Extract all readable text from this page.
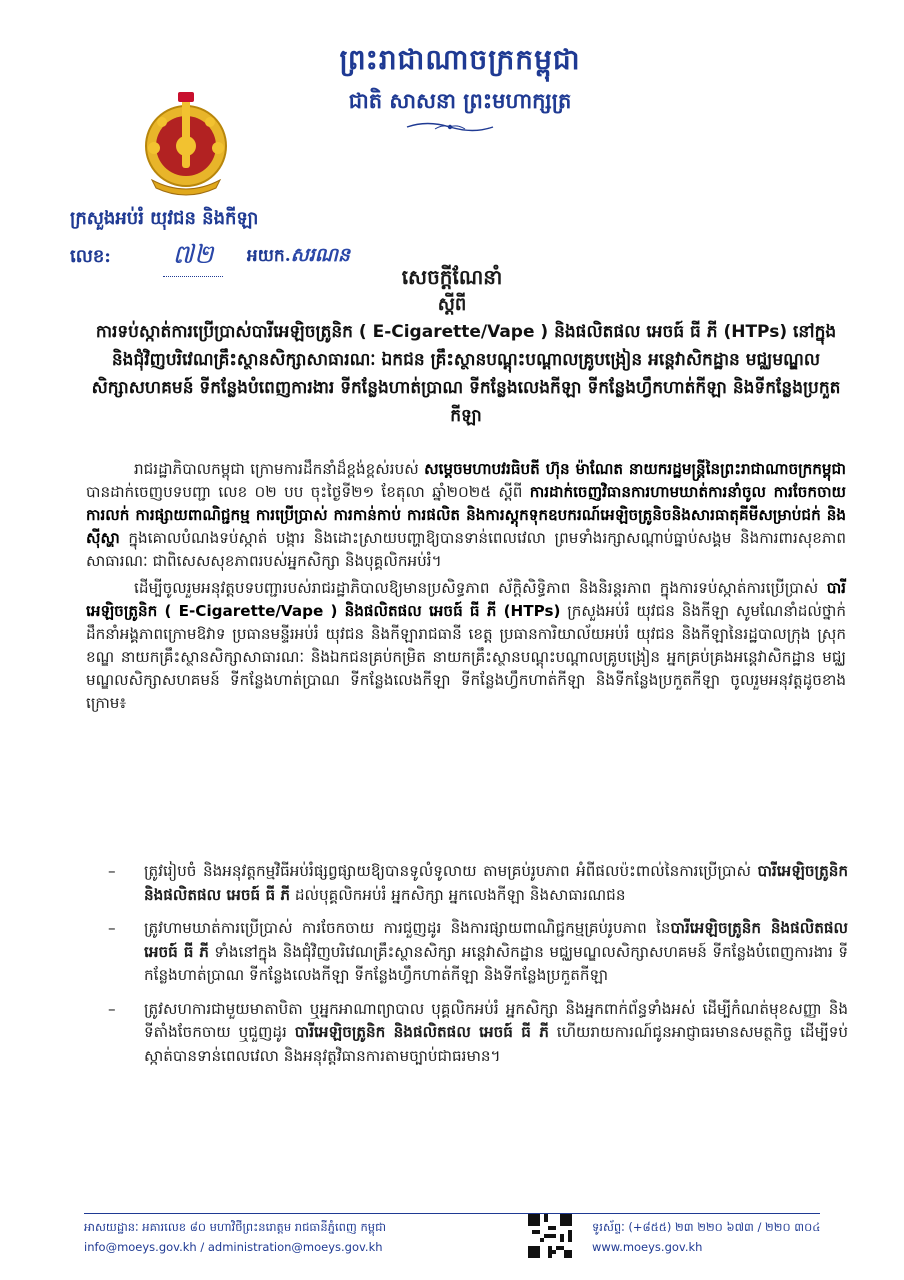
ព្រះរាជាណាចក្រកម្ពុជា
ជាតិ សាសនា ព្រះមហាក្សត្រ
ក្រសួងអប់រំ យុវជន និងកីឡា
លេខ:	៧២	អយក.សរណន
សេចក្តីណែនាំ
ស្តីពី
ការទប់ស្កាត់ការប្រើប្រាស់បារីអេឡិចត្រូនិក ( E-Cigarette/Vape ) និងផលិតផល អេចធ៍ ធី ភី (HTPs) នៅក្នុង និងជុំវិញបរិវេណគ្រឹះស្ថានសិក្សាសាធារណៈ ឯកជន គ្រឹះស្ថានបណ្តុះបណ្តាលគ្រូបង្រៀន អន្តេវាសិកដ្ឋាន មជ្ឈមណ្ឌលសិក្សាសហគមន៍ ទីកន្លែងបំពេញការងារ ទីកន្លែងហាត់ប្រាណ ទីកន្លែងលេងកីឡា ទីកន្លែងហ្វឹកហាត់កីឡា និងទីកន្លែងប្រកួតកីឡា

រាជរដ្ឋាភិបាលកម្ពុជា ក្រោមការដឹកនាំដ៏ខ្ពង់ខ្ពស់របស់ សម្តេចមហាបវរធិបតី ហ៊ុន ម៉ាណែត នាយករដ្ឋមន្ត្រីនៃព្រះរាជាណាចក្រកម្ពុជា បានដាក់ចេញបទបញ្ជា លេខ ០២ បប ចុះថ្ងៃទី២១ ខែតុលា ឆ្នាំ២០២៥ ស្តីពី ការដាក់ចេញវិធានការហាមឃាត់ការនាំចូល ការចែកចាយ ការលក់ ការផ្សាយពាណិជ្ជកម្ម ការប្រើប្រាស់ ការកាន់កាប់ ការផលិត និងការស្តុកទុកឧបករណ៍អេឡិចត្រូនិចនិងសារធាតុគីមីសម្រាប់ជក់ និងស៊ីស្ហា ក្នុងគោលបំណងទប់ស្កាត់ បង្ការ និងដោះស្រាយបញ្ហាឱ្យបានទាន់ពេលវេលា ព្រមទាំងរក្សាសណ្តាប់ធ្នាប់សង្គម និងការពារសុខភាពសាធារណៈ ជាពិសេសសុខភាពរបស់អ្នកសិក្សា និងបុគ្គលិកអប់រំ។

ដើម្បីចូលរួមអនុវត្តបទបញ្ជារបស់រាជរដ្ឋាភិបាលឱ្យមានប្រសិទ្ធភាព ស័ក្តិសិទ្ធិភាព និងនិរន្តរភាព ក្នុងការទប់ស្កាត់ការប្រើប្រាស់ បារីអេឡិចត្រូនិក ( E-Cigarette/Vape ) និងផលិតផល អេចធ៍ ធី ភី (HTPs) ក្រសួងអប់រំ យុវជន និងកីឡា សូមណែនាំដល់ថ្នាក់ដឹកនាំអង្គភាពក្រោមឱវាទ ប្រធានមន្ទីរអប់រំ យុវជន និងកីឡារាជធានី ខេត្ត ប្រធានការិយាល័យអប់រំ យុវជន និងកីឡានៃរដ្ឋបាលក្រុង ស្រុក ខណ្ឌ នាយកគ្រឹះស្ថានសិក្សាសាធារណៈ និងឯកជនគ្រប់កម្រិត នាយកគ្រឹះស្ថានបណ្តុះបណ្តាលគ្រូបង្រៀន អ្នកគ្រប់គ្រងអន្តេវាសិកដ្ឋាន មជ្ឈមណ្ឌលសិក្សាសហគមន៍ ទីកន្លែងហាត់ប្រាណ ទីកន្លែងលេងកីឡា ទីកន្លែងហ្វឹកហាត់កីឡា និងទីកន្លែងប្រកួតកីឡា ចូលរួមអនុវត្តដូចខាងក្រោម៖

– ត្រូវរៀបចំ និងអនុវត្តកម្មវិធីអប់រំផ្សព្វផ្សាយឱ្យបានទូលំទូលាយ តាមគ្រប់រូបភាព អំពីផលប៉ះពាល់នៃការប្រើប្រាស់ បារីអេឡិចត្រូនិក និងផលិតផល អេចធ៍ ធី ភី ដល់បុគ្គលិកអប់រំ អ្នកសិក្សា អ្នកលេងកីឡា និងសាធារណជន
– ត្រូវហាមឃាត់ការប្រើប្រាស់ ការចែកចាយ ការជួញដូរ និងការផ្សាយពាណិជ្ជកម្មគ្រប់រូបភាព នៃបារីអេឡិចត្រូនិក និងផលិតផល អេចធ៍ ធី ភី ទាំងនៅក្នុង និងជុំវិញបរិវេណគ្រឹះស្ថានសិក្សា អន្តេវាសិកដ្ឋាន មជ្ឈមណ្ឌលសិក្សាសហគមន៍ ទីកន្លែងបំពេញការងារ ទីកន្លែងហាត់ប្រាណ ទីកន្លែងលេងកីឡា ទីកន្លែងហ្វឹកហាត់កីឡា និងទីកន្លែងប្រកួតកីឡា
– ត្រូវសហការជាមួយមាតាបិតា ឬអ្នកអាណាព្យាបាល បុគ្គលិកអប់រំ អ្នកសិក្សា និងអ្នកពាក់ព័ន្ធទាំងអស់ ដើម្បីកំណត់មុខសញ្ញា និងទីតាំងចែកចាយ ឬជួញដូរ បារីអេឡិចត្រូនិក និងផលិតផល អេចធ៍ ធី ភី ហើយរាយការណ៍ជូនអាជ្ញាធរមានសមត្ថកិច្ច ដើម្បីទប់ស្កាត់បានទាន់ពេលវេលា និងអនុវត្តវិធានការតាមច្បាប់ជាធរមាន។
អាសយដ្ឋានៈ អគារលេខ ៨០ មហាវិថីព្រះនរោត្តម រាជធានីភ្នំពេញ កម្ពុជា
info@moeys.gov.kh / administration@moeys.gov.kh
ទូរស័ព្ទៈ (+៨៥៥) ២៣ ២២០ ៦៧៣ / ២២០ ៣០៤
www.moeys.gov.kh
